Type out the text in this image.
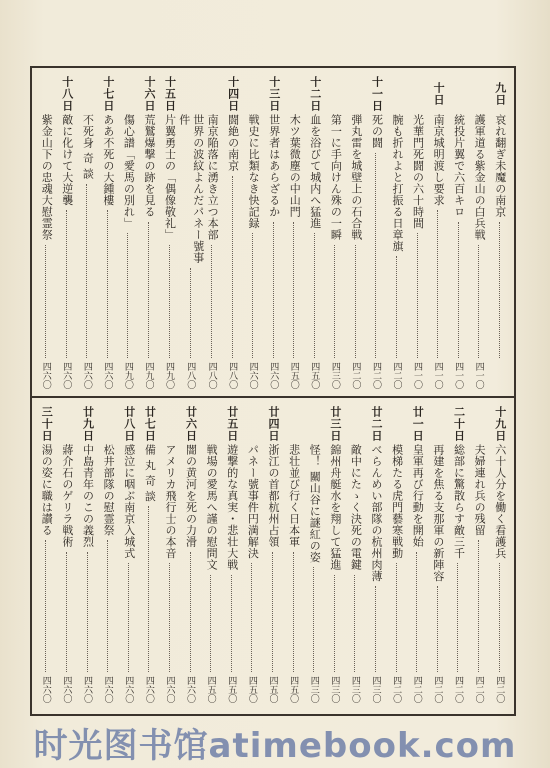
九日
哀れ翻ぎ未魔の南京
護軍道る紫金山の白兵戦
四一〇
統投片翼で六百キロ
四一〇
十日
南京城明渡し要求
四一〇
光華門死闘の六十時間
四一〇
腕も折れよと打振る日章旗
四二〇
十一日
死の闘
四二〇
弾丸雷を城壁上の石合戦
四二〇
第一に手向けん殊の一瞬
四三〇
十二日
血を浴びて城内へ猛進
四五〇
木ツ葉微塵の中山門
四五〇
十三日
世界者はあらざるか
四六〇
戦史に比類なき快記録
四六〇
十四日
闘絶の南京
四八〇
南京陥落に湧き立つ本部
四八〇
世界の波紋よんだパネー號事件
四八〇
十五日
片翼勇士の「偶像敬礼」
四九〇
十六日
荒鷲爆撃の跡を見る
四九〇
傷心譜「愛馬の別れ」
四九〇
十七日
ああ不死の大鍾樓
四六〇
不死身 奇 談
四六〇
十八日
敵に化けて大逆襲
四六〇
紫金山下の忠魂大慰霊祭
四六〇
十九日
六十人分を働く看護兵
四二〇
夫婦連れ兵の残留
四二〇
二十日
総部に驚散らす敵三千
四二〇
再建を焦る支那軍の新陣容
四二〇
廿一日
皇軍再び行動を開始
四二〇
模梯たる虎門藝寒戦動
四二〇
廿二日
べらんめい部隊の杭州肉薄
四三〇
敵中にたゝく決死の電鍵
四三〇
廿三日
錦州舟艇水を翔して猛進
四三〇
怪！ 關山谷に謎紅の姿
四三〇
悲壮並び行く日本軍
四五〇
廿四日
浙江の首都杭州占領
四五〇
パネー號事件円満解決
四五〇
廿五日
遊撃的な真実・悲壮大戦
四五〇
戦場の愛馬へ謹の慰問文
四五〇
廿六日
闇の黄河を死の力滑
四六〇
アメリカ飛行士の本音
四六〇
廿七日
備 丸 奇 談
四六〇
廿八日
感泣に咽ぶ南京入城式
四六〇
松井部隊の慰霊祭
四六〇
廿九日
中島青年のこの義烈
四六〇
蔣介石のゲリラ戦術
四六〇
三十日
湯の姿に職は讃る
四六〇
时光图书馆atimebook.com
